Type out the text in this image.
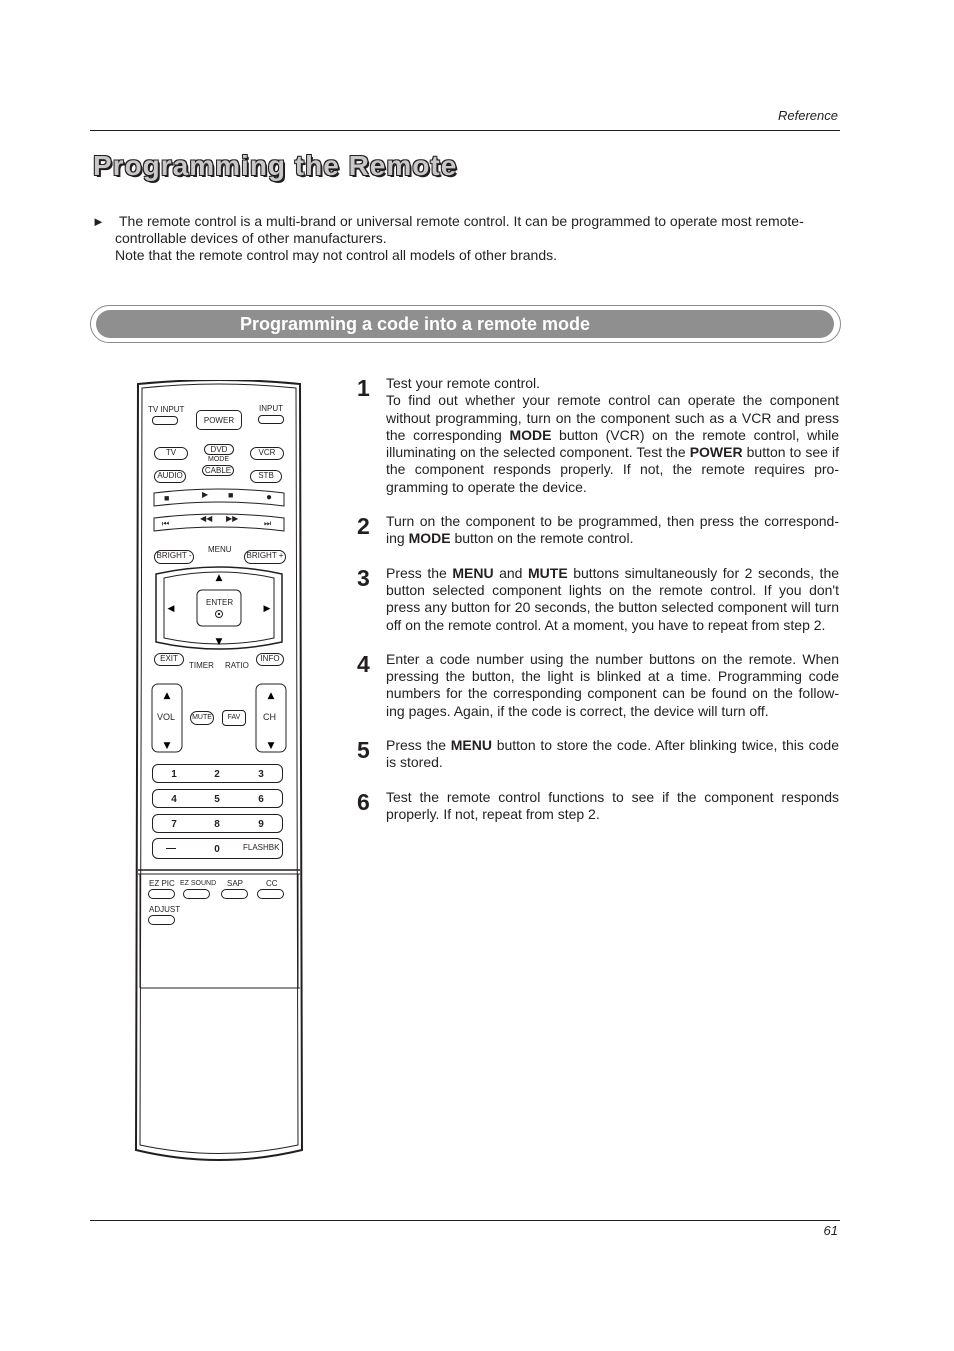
Reference
Programming the Remote
► The remote control is a multi-brand or universal remote control. It can be programmed to operate most remote-controllable devices of other manufacturers.

Note that the remote control may not control all models of other brands.

Programming a code into a remote mode
▲
▼
◀	▶
▲
▼
▲
▼
TV INPUT
POWER
INPUT
TV	DVD
MODE
VCR
AUDIO
CABLE
STB
■	▶ ■	●
⏮
◀◀ ▶▶
⏭
BRIGHT -
MENU
BRIGHT +
ENTER
EXIT
TIMER RATIO
INFO
VOL MUTE	FAV	CH
1	2	3
4	5	6
7	8	9
—	0	FLASHBK
EZ PIC EZ SOUND SAP	CC
ADJUST
1 Test your remote control.
To find out whether your remote control can operate the component without programming, turn on the component such as a VCR and press the corresponding MODE button (VCR) on the remote control, while illuminating on the selected component. Test the POWER button to see if the component responds properly. If not, the remote requires pro-gramming to operate the device.

2 Turn on the component to be programmed, then press the correspond-ing MODE button on the remote control.

3 Press the MENU and MUTE buttons simultaneously for 2 seconds, the button selected component lights on the remote control. If you don't press any button for 20 seconds, the button selected component will turn off on the remote control. At a moment, you have to repeat from step 2.

4 Enter a code number using the number buttons on the remote. When pressing the button, the light is blinked at a time. Programming code numbers for the corresponding component can be found on the follow-ing pages. Again, if the code is correct, the device will turn off.

5 Press the MENU button to store the code. After blinking twice, this code is stored.

6 Test the remote control functions to see if the component responds properly. If not, repeat from step 2.

61
